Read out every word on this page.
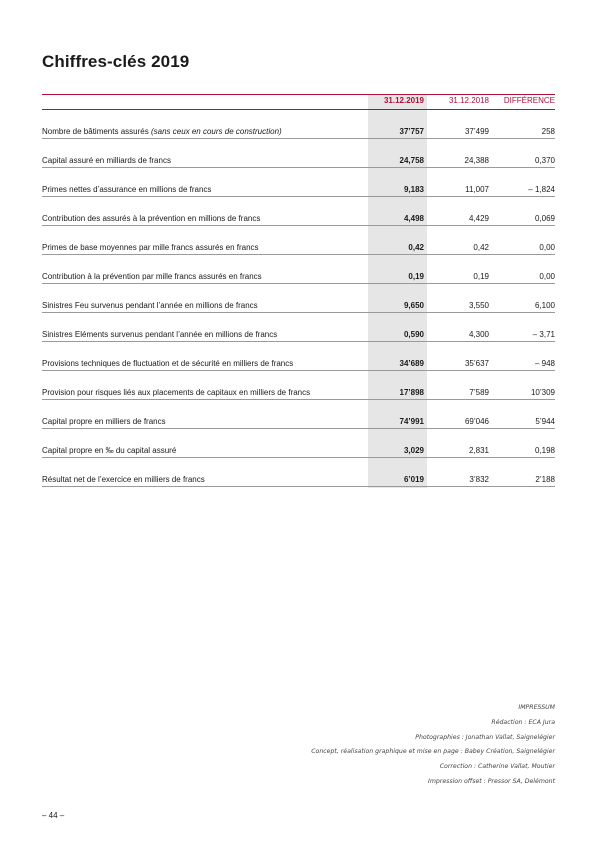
Chiffres-clés 2019
31.12.2019	31.12.2018	DIFFÉRENCE
Nombre de bâtiments assurés (sans ceux en cours de construction)	37’757	37’499	258
Capital assuré en milliards de francs	24,758	24,388	0,370
Primes nettes d’assurance en millions de francs	9,183	11,007	– 1,824
Contribution des assurés à la prévention en millions de francs	4,498	4,429	0,069
Primes de base moyennes par mille francs assurés en francs	0,42	0,42	0,00
Contribution à la prévention par mille francs assurés en francs	0,19	0,19	0,00
Sinistres Feu survenus pendant l’année en millions de francs	9,650	3,550	6,100
Sinistres Eléments survenus pendant l’année en millions de francs	0,590	4,300	– 3,71
Provisions techniques de fluctuation et de sécurité en milliers de francs	34’689	35’637	– 948
Provision pour risques liés aux placements de capitaux en milliers de francs	17’898	7’589	10’309
Capital propre en milliers de francs	74’991	69’046	5’944
Capital propre en ‰ du capital assuré	3,029	2,831	0,198
Résultat net de l’exercice en milliers de francs	6’019	3’832	2’188
IMPRESSUM
Rédaction : ECA Jura
Photographies : Jonathan Vallat, Saignelégier
Concept, réalisation graphique et mise en page : Babey Création, Saignelégier
Correction : Catherine Vallat, Moutier
Impression offset : Pressor SA, Delémont
– 44 –
